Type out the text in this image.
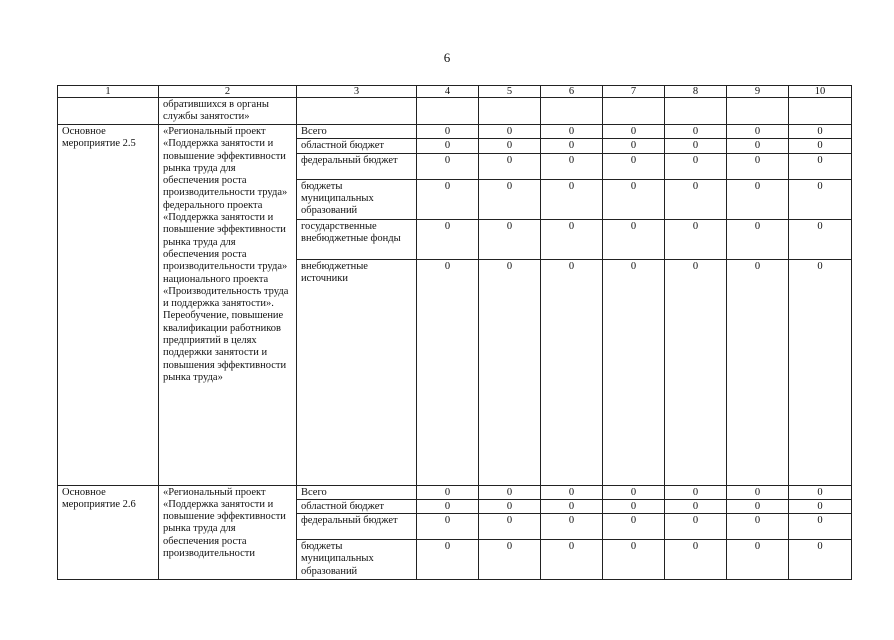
6
1	2	3	4	5	6	7	8	9	10
	обратившихся в органы службы занятости»								
Основное мероприятие 2.5	«Региональный проект «Поддержка занятости и повышение эффективности рынка труда для обеспечения роста производительности труда» федерального проекта «Поддержка занятости и повышение эффективности рынка труда для обеспечения роста производительности труда» национального проекта «Производительность труда и поддержка занятости». Переобучение, повышение квалификации работников предприятий в целях поддержки занятости и повышения эффективности рынка труда»	Всего	0	0	0	0	0	0	0
		областной бюджет	0	0	0	0	0	0	0
		федеральный бюджет	0	0	0	0	0	0	0
		бюджеты муниципальных образований	0	0	0	0	0	0	0
		государственные внебюджетные фонды	0	0	0	0	0	0	0
		внебюджетные источники	0	0	0	0	0	0	0
Основное мероприятие 2.6	«Региональный проект «Поддержка занятости и повышение эффективности рынка труда для обеспечения роста производительности	Всего	0	0	0	0	0	0	0
		областной бюджет	0	0	0	0	0	0	0
		федеральный бюджет	0	0	0	0	0	0	0
		бюджеты муниципальных образований	0	0	0	0	0	0	0
